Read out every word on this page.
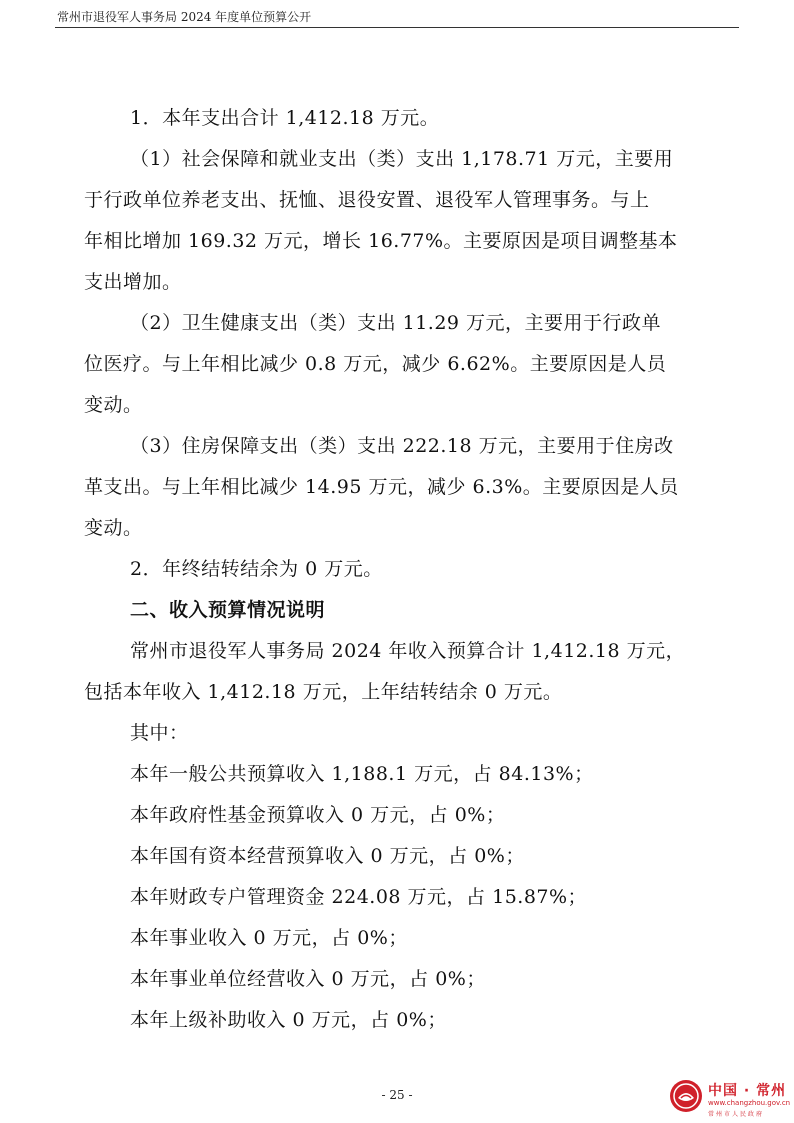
常州市退役军人事务局 2024 年度单位预算公开

1．本年支出合计 1,412.18 万元。

（1）社会保障和就业支出（类）支出 1,178.71 万元，主要用

于行政单位养老支出、抚恤、退役安置、退役军人管理事务。与上

年相比增加 169.32 万元，增长 16.77%。主要原因是项目调整基本

支出增加。

（2）卫生健康支出（类）支出 11.29 万元，主要用于行政单

位医疗。与上年相比减少 0.8 万元，减少 6.62%。主要原因是人员

变动。

（3）住房保障支出（类）支出 222.18 万元，主要用于住房改

革支出。与上年相比减少 14.95 万元，减少 6.3%。主要原因是人员

变动。

2．年终结转结余为 0 万元。

二、收入预算情况说明

常州市退役军人事务局 2024 年收入预算合计 1,412.18 万元，

包括本年收入 1,412.18 万元，上年结转结余 0 万元。

其中：

本年一般公共预算收入 1,188.1 万元，占 84.13%；

本年政府性基金预算收入 0 万元，占 0%；

本年国有资本经营预算收入 0 万元，占 0%；

本年财政专户管理资金 224.08 万元，占 15.87%；

本年事业收入 0 万元，占 0%；

本年事业单位经营收入 0 万元，占 0%；

本年上级补助收入 0 万元，占 0%；

- 25 -	中国 · 常州
www.changzhou.gov.cn
常州市人民政府
